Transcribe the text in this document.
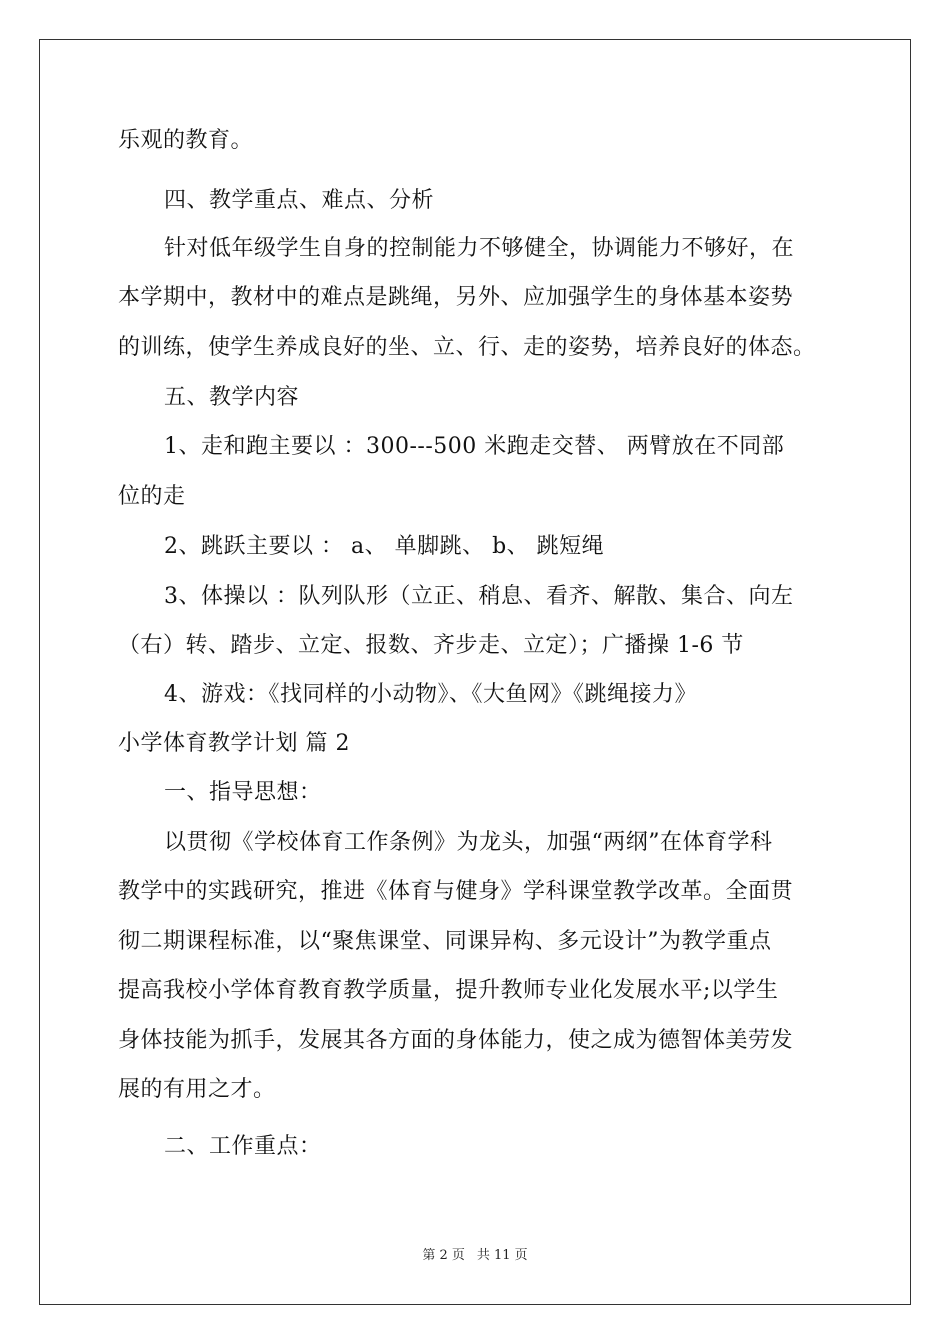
乐观的教育。
四、教学重点、难点、分析
针对低年级学生自身的控制能力不够健全，协调能力不够好，在
本学期中，教材中的难点是跳绳，另外、应加强学生的身体基本姿势
的训练，使学生养成良好的坐、立、行、走的姿势，培养良好的体态。
五、教学内容
1、走和跑主要以 ：300---500 米跑走交替、 两臂放在不同部
位的走
2、跳跃主要以 ： a、 单脚跳、 b、 跳短绳
3、体操以 ：队列队形（立正、稍息、看齐、解散、集合、向左
（右）转、踏步、立定、报数、齐步走、立定）；广播操 1-6 节
4、游戏：《找同样的小动物》、《大鱼网》《跳绳接力》
小学体育教学计划 篇 2
一、指导思想：
以贯彻《学校体育工作条例》为龙头，加强“两纲”在体育学科
教学中的实践研究，推进《体育与健身》学科课堂教学改革。全面贯
彻二期课程标准，以“聚焦课堂、同课异构、多元设计”为教学重点
提高我校小学体育教育教学质量，提升教师专业化发展水平;以学生
身体技能为抓手，发展其各方面的身体能力，使之成为德智体美劳发
展的有用之才。
二、工作重点：
第 2 页 共 11 页
